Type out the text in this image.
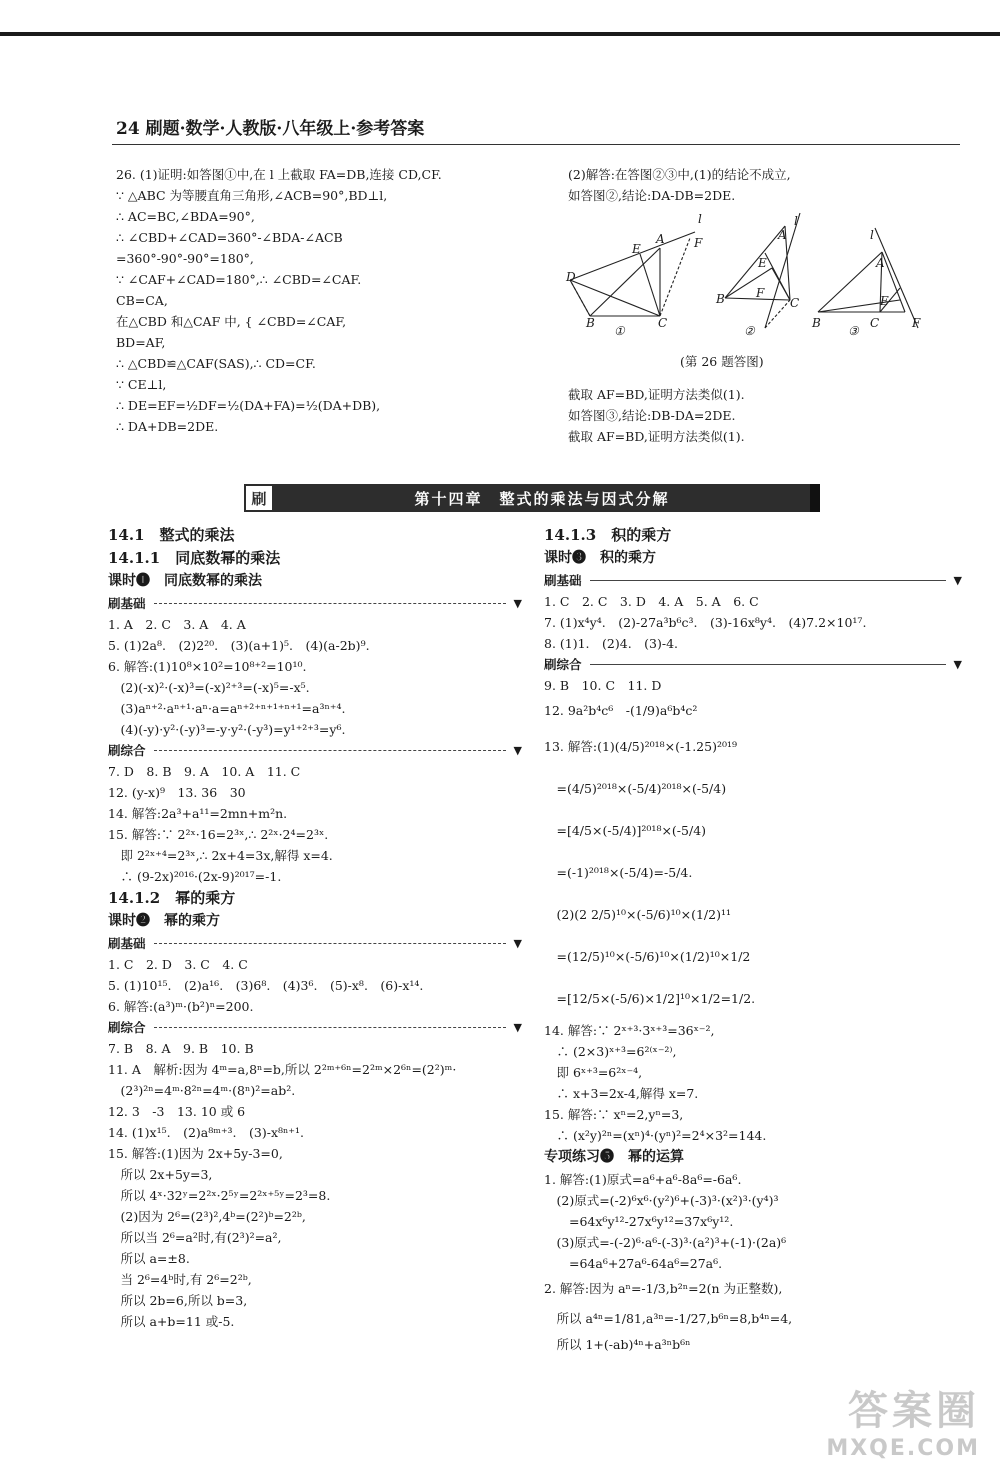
24 刷题·数学·人教版·八年级上·参考答案
26. (1)证明:如答图①中,在 l 上截取 FA=DB,连接 CD,CF.
∵ △ABC 为等腰直角三角形,∠ACB=90°,BD⊥l,
∴ AC=BC,∠BDA=90°,
∴ ∠CBD+∠CAD=360°-∠BDA-∠ACB
=360°-90°-90°=180°,
∵ ∠CAF+∠CAD=180°,∴ ∠CBD=∠CAF.
CB=CA,
在△CBD 和△CAF 中, { ∠CBD=∠CAF,
BD=AF,
∴ △CBD≌△CAF(SAS),∴ CD=CF.
∵ CE⊥l,
∴ DE=EF=½DF=½(DA+FA)=½(DA+DB),
∴ DA+DB=2DE.
(2)解答:在答图②③中,(1)的结论不成立,
如答图②,结论:DA-DB=2DE.
D
E
A F
l
B	C
①
E
A
F
l
B	C
②
l
A
B	C
E
F
③
(第 26 题答图)
截取 AF=BD,证明方法类似(1).
如答图③,结论:DB-DA=2DE.
截取 AF=BD,证明方法类似(1).
刷	第十四章　整式的乘法与因式分解
14.1　整式的乘法
14.1.1　同底数幂的乘法
课时❶　同底数幂的乘法
刷基础	▼
1. A　2. C　3. A　4. A
5. (1)2a⁸.　(2)2²⁰.　(3)(a+1)⁵.　(4)(a-2b)⁹.
6. 解答:(1)10⁸×10²=10⁸⁺²=10¹⁰.
　(2)(-x)²·(-x)³=(-x)²⁺³=(-x)⁵=-x⁵.
　(3)aⁿ⁺²·aⁿ⁺¹·aⁿ·a=aⁿ⁺²⁺ⁿ⁺¹⁺ⁿ⁺¹=a³ⁿ⁺⁴.
　(4)(-y)·y²·(-y)³=-y·y²·(-y³)=y¹⁺²⁺³=y⁶.
刷综合	▼
7. D　8. B　9. A　10. A　11. C
12. (y-x)⁹　13. 36　30
14. 解答:2a³+a¹¹=2mn+m²n.
15. 解答:∵ 2²ˣ·16=2³ˣ,∴ 2²ˣ·2⁴=2³ˣ.
　即 2²ˣ⁺⁴=2³ˣ,∴ 2x+4=3x,解得 x=4.
　∴ (9-2x)²⁰¹⁶·(2x-9)²⁰¹⁷=-1.
14.1.2　幂的乘方
课时❷　幂的乘方
刷基础	▼
1. C　2. D　3. C　4. C
5. (1)10¹⁵.　(2)a¹⁶.　(3)6⁸.　(4)3⁶.　(5)-x⁸.　(6)-x¹⁴.
6. 解答:(a³)ᵐ·(b²)ⁿ=200.
刷综合	▼
7. B　8. A　9. B　10. B
11. A　解析:因为 4ᵐ=a,8ⁿ=b,所以 2²ᵐ⁺⁶ⁿ=2²ᵐ×2⁶ⁿ=(2²)ᵐ·
　(2³)²ⁿ=4ᵐ·8²ⁿ=4ᵐ·(8ⁿ)²=ab².
12. 3　-3　13. 10 或 6
14. (1)x¹⁵.　(2)a⁸ᵐ⁺³.　(3)-x⁸ⁿ⁺¹.
15. 解答:(1)因为 2x+5y-3=0,
　所以 2x+5y=3,
　所以 4ˣ·32ʸ=2²ˣ·2⁵ʸ=2²ˣ⁺⁵ʸ=2³=8.
　(2)因为 2⁶=(2³)²,4ᵇ=(2²)ᵇ=2²ᵇ,
　所以当 2⁶=a²时,有(2³)²=a²,
　所以 a=±8.
　当 2⁶=4ᵇ时,有 2⁶=2²ᵇ,
　所以 2b=6,所以 b=3,
　所以 a+b=11 或-5.
14.1.3　积的乘方
课时❸　积的乘方
刷基础	▼
1. C　2. C　3. D　4. A　5. A　6. C
7. (1)x⁴y⁴.　(2)-27a³b⁶c³.　(3)-16x⁸y⁴.　(4)7.2×10¹⁷.
8. (1)1.　(2)4.　(3)-4.
刷综合	▼
9. B　10. C　11. D
12. 9a²b⁴c⁶　-(1/9)a⁶b⁴c²
13. 解答:(1)(4/5)²⁰¹⁸×(-1.25)²⁰¹⁹
　=(4/5)²⁰¹⁸×(-5/4)²⁰¹⁸×(-5/4)
　=[4/5×(-5/4)]²⁰¹⁸×(-5/4)
　=(-1)²⁰¹⁸×(-5/4)=-5/4.
　(2)(2 2/5)¹⁰×(-5/6)¹⁰×(1/2)¹¹
　=(12/5)¹⁰×(-5/6)¹⁰×(1/2)¹⁰×1/2
　=[12/5×(-5/6)×1/2]¹⁰×1/2=1/2.
14. 解答:∵ 2ˣ⁺³·3ˣ⁺³=36ˣ⁻²,
　∴ (2×3)ˣ⁺³=6²⁽ˣ⁻²⁾,
　即 6ˣ⁺³=6²ˣ⁻⁴,
　∴ x+3=2x-4,解得 x=7.
15. 解答:∵ xⁿ=2,yⁿ=3,
　∴ (x²y)²ⁿ=(xⁿ)⁴·(yⁿ)²=2⁴×3²=144.
专项练习❺　幂的运算
1. 解答:(1)原式=a⁶+a⁶-8a⁶=-6a⁶.
　(2)原式=(-2)⁶x⁶·(y²)⁶+(-3)³·(x²)³·(y⁴)³
　　=64x⁶y¹²-27x⁶y¹²=37x⁶y¹².
　(3)原式=-(-2)⁶·a⁶-(-3)³·(a²)³+(-1)·(2a)⁶
　　=64a⁶+27a⁶-64a⁶=27a⁶.
2. 解答:因为 aⁿ=-1/3,b²ⁿ=2(n 为正整数),
　所以 a⁴ⁿ=1/81,a³ⁿ=-1/27,b⁶ⁿ=8,b⁴ⁿ=4,
　所以 1+(-ab)⁴ⁿ+a³ⁿb⁶ⁿ
答案圈
MXQE.COM
